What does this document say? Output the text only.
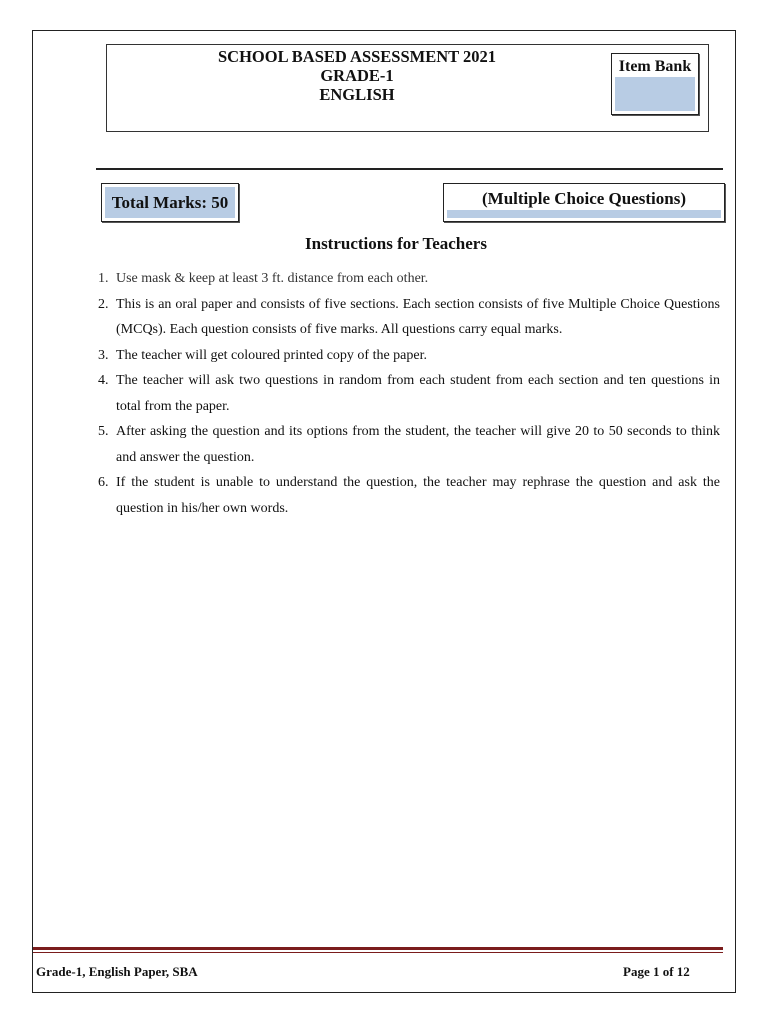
SCHOOL BASED ASSESSMENT 2021
GRADE-1
ENGLISH
Item Bank
Total Marks: 50	(Multiple Choice Questions)
Instructions for Teachers
1. Use mask & keep at least 3 ft. distance from each other.
2. This is an oral paper and consists of five sections. Each section consists of five Multiple Choice Questions (MCQs). Each question consists of five marks. All questions carry equal marks.
3. The teacher will get coloured printed copy of the paper.
4. The teacher will ask two questions in random from each student from each section and ten questions in total from the paper.
5. After asking the question and its options from the student, the teacher will give 20 to 50 seconds to think and answer the question.
6. If the student is unable to understand the question, the teacher may rephrase the question and ask the question in his/her own words.
Grade-1, English Paper, SBA	Page 1 of 12
